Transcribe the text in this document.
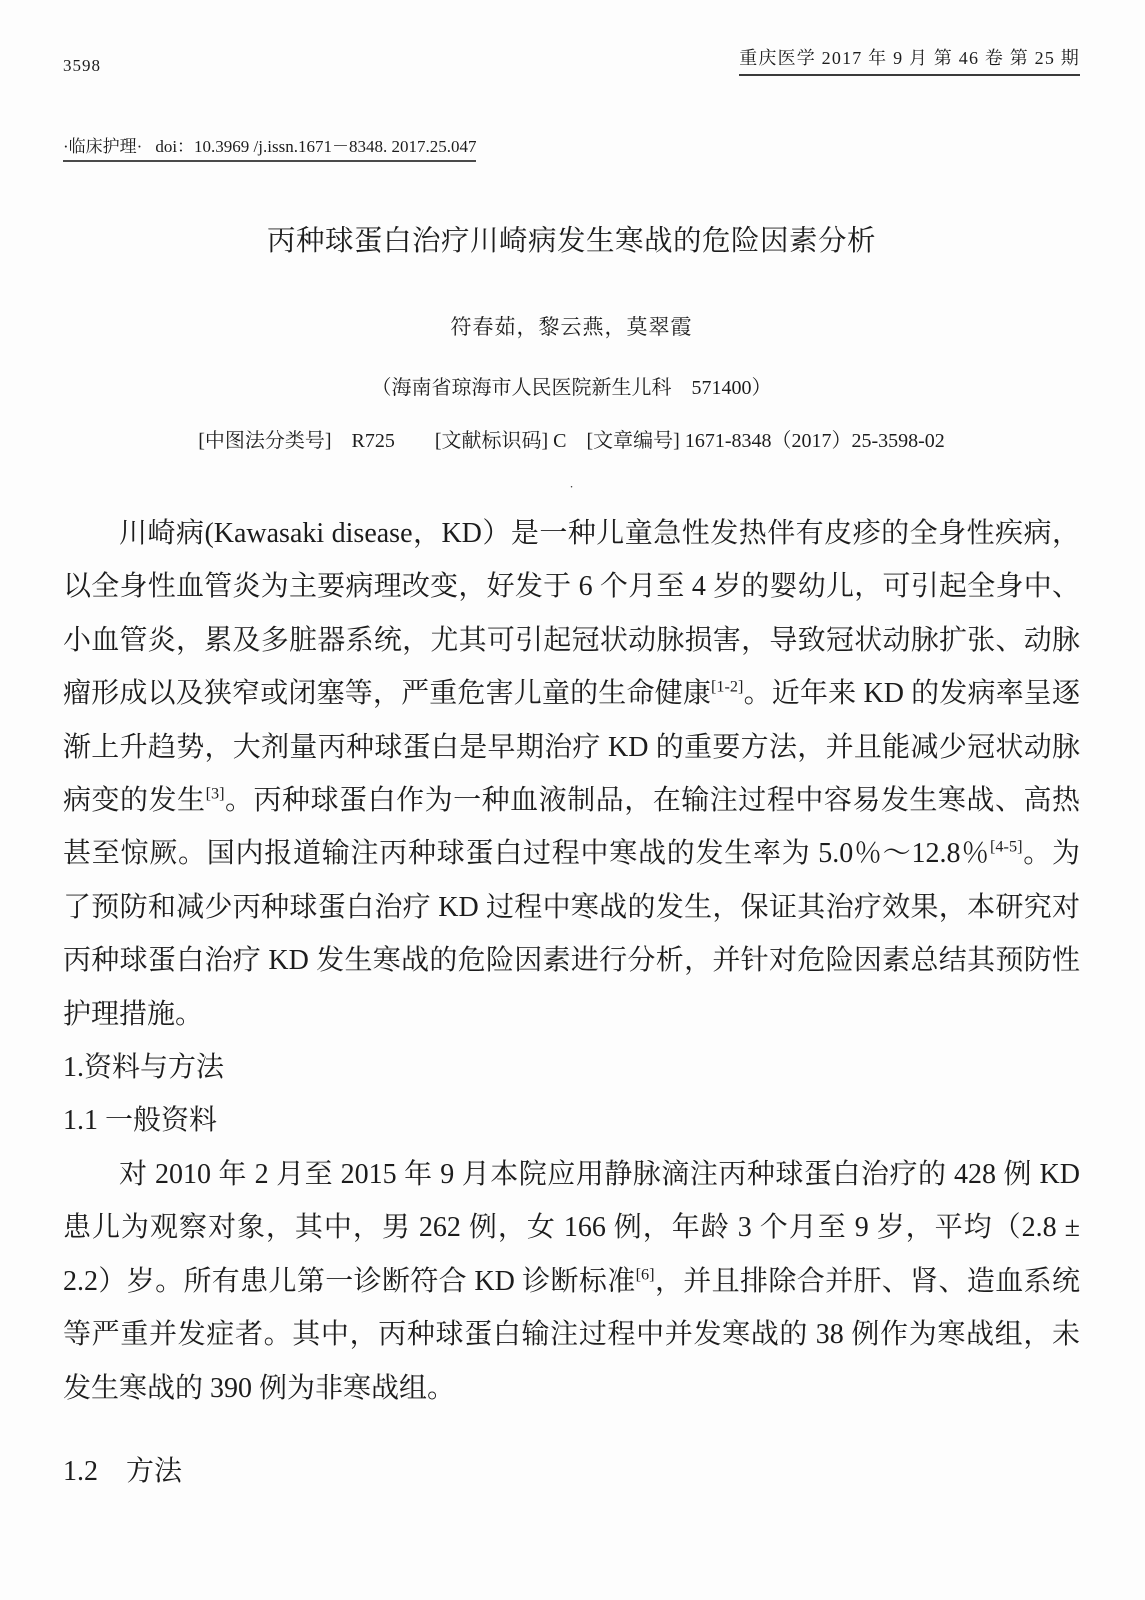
3598	重庆医学 2017 年 9 月 第 46 卷 第 25 期
·临床护理· doi：10.3969 /j.issn.1671－8348. 2017.25.047
丙种球蛋白治疗川崎病发生寒战的危险因素分析
符春茹，黎云燕，莫翠霞
（海南省琼海市人民医院新生儿科　571400）
[中图法分类号]　R725　　[文献标识码] C　[文章编号] 1671-8348（2017）25-3598-02
·

川崎病(Kawasaki disease，KD）是一种儿童急性发热伴有皮疹的全身性疾病，以全身性血管炎为主要病理改变，好发于 6 个月至 4 岁的婴幼儿，可引起全身中、小血管炎，累及多脏器系统，尤其可引起冠状动脉损害，导致冠状动脉扩张、动脉瘤形成以及狭窄或闭塞等，严重危害儿童的生命健康[1-2]。近年来 KD 的发病率呈逐渐上升趋势，大剂量丙种球蛋白是早期治疗 KD 的重要方法，并且能减少冠状动脉病变的发生[3]。丙种球蛋白作为一种血液制品，在输注过程中容易发生寒战、高热甚至惊厥。国内报道输注丙种球蛋白过程中寒战的发生率为 5.0％～12.8％[4-5]。为了预防和减少丙种球蛋白治疗 KD 过程中寒战的发生，保证其治疗效果，本研究对丙种球蛋白治疗 KD 发生寒战的危险因素进行分析，并针对危险因素总结其预防性护理措施。

1.资料与方法
1.1 一般资料

对 2010 年 2 月至 2015 年 9 月本院应用静脉滴注丙种球蛋白治疗的 428 例 KD 患儿为观察对象，其中，男 262 例，女 166 例，年龄 3 个月至 9 岁，平均（2.8 ± 2.2）岁。所有患儿第一诊断符合 KD 诊断标准[6]，并且排除合并肝、肾、造血系统等严重并发症者。其中，丙种球蛋白输注过程中并发寒战的 38 例作为寒战组，未发生寒战的 390 例为非寒战组。

1.2　方法
